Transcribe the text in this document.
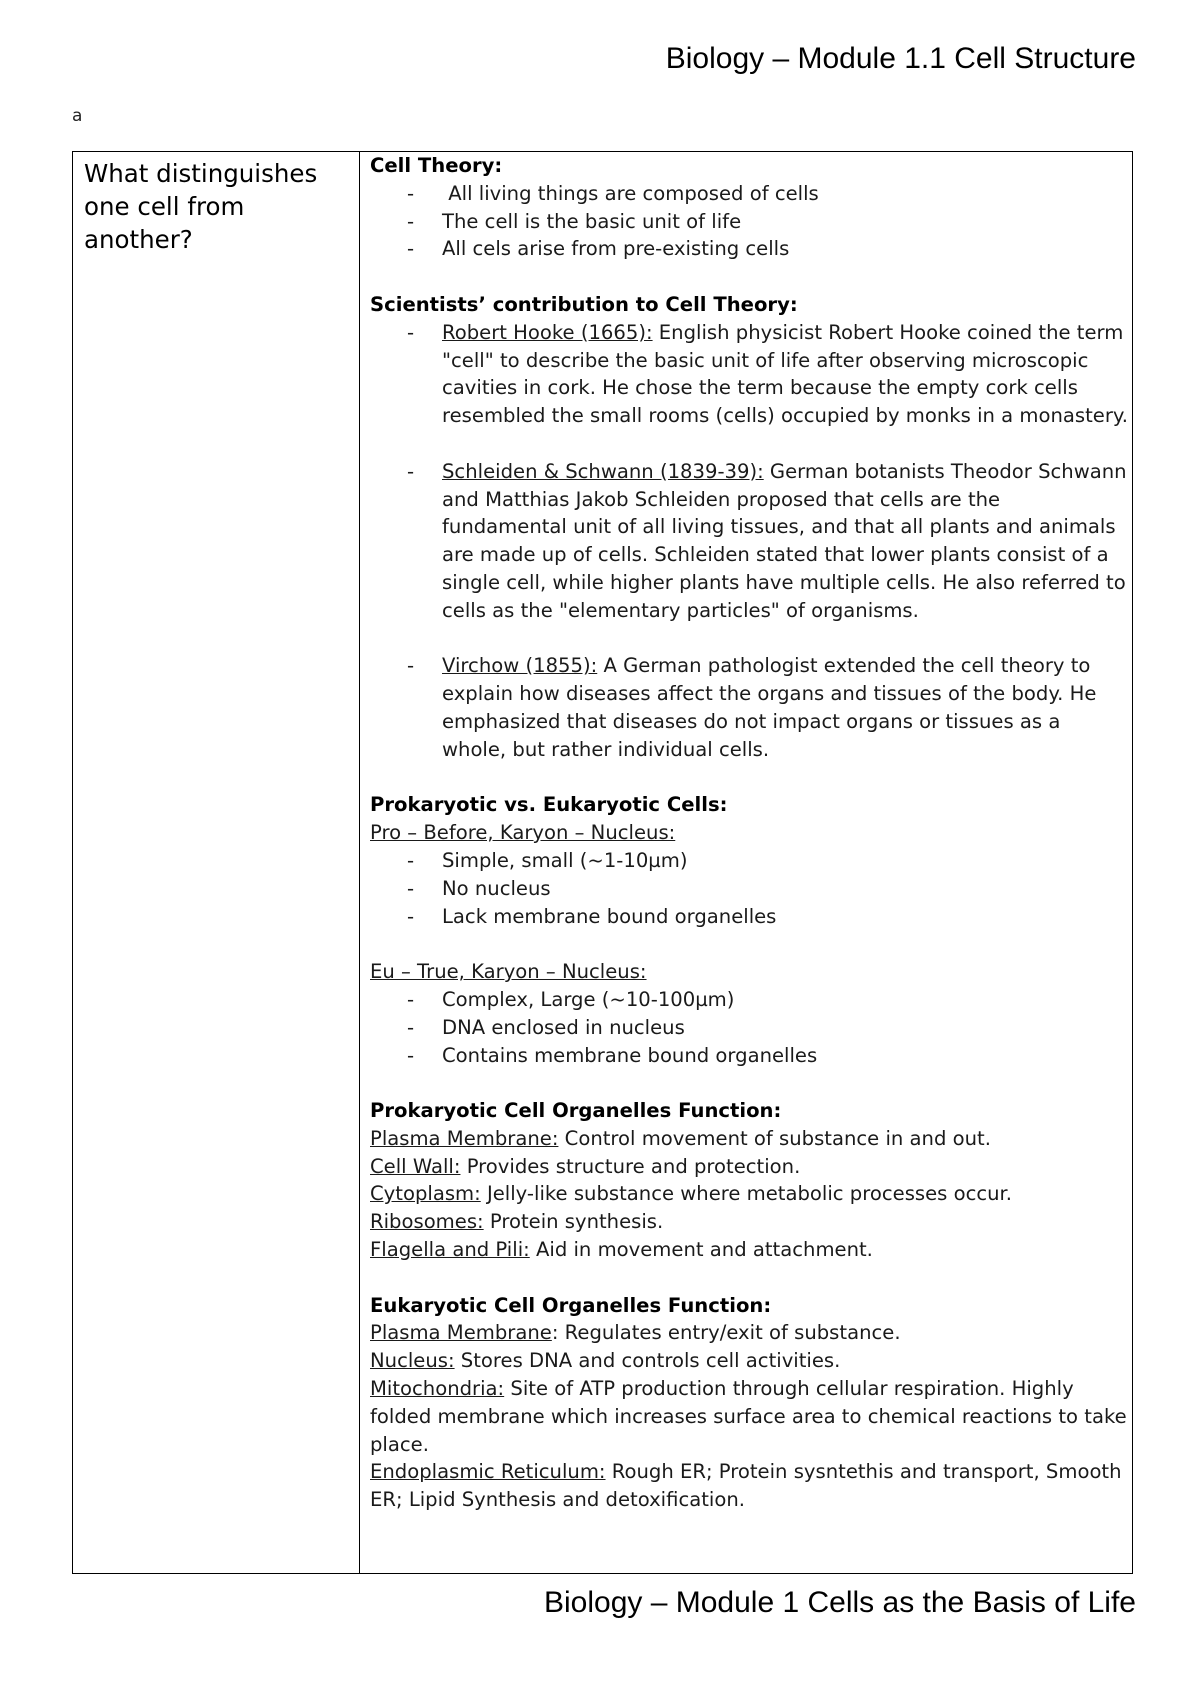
Biology – Module 1.1 Cell Structure
a
What distinguishes one cell from another?
Cell Theory:
-  All living things are composed of cells
- The cell is the basic unit of life
- All cels arise from pre-existing cells
Scientists’ contribution to Cell Theory:
- Robert Hooke (1665): English physicist Robert Hooke coined the term "cell" to describe the basic unit of life after observing microscopic cavities in cork. He chose the term because the empty cork cells resembled the small rooms (cells) occupied by monks in a monastery.
- Schleiden & Schwann (1839-39): German botanists Theodor Schwann and Matthias Jakob Schleiden proposed that cells are the fundamental unit of all living tissues, and that all plants and animals are made up of cells. Schleiden stated that lower plants consist of a single cell, while higher plants have multiple cells. He also referred to cells as the "elementary particles" of organisms.
- Virchow (1855): A German pathologist extended the cell theory to explain how diseases affect the organs and tissues of the body. He emphasized that diseases do not impact organs or tissues as a whole, but rather individual cells.
Prokaryotic vs. Eukaryotic Cells:
Pro – Before, Karyon – Nucleus:
- Simple, small (~1-10µm)
- No nucleus
- Lack membrane bound organelles
Eu – True, Karyon – Nucleus:
- Complex, Large (~10-100µm)
- DNA enclosed in nucleus
- Contains membrane bound organelles
Prokaryotic Cell Organelles Function:
Plasma Membrane: Control movement of substance in and out.
Cell Wall: Provides structure and protection.
Cytoplasm: Jelly-like substance where metabolic processes occur.
Ribosomes: Protein synthesis.
Flagella and Pili: Aid in movement and attachment.
Eukaryotic Cell Organelles Function:
Plasma Membrane: Regulates entry/exit of substance.
Nucleus: Stores DNA and controls cell activities.
Mitochondria: Site of ATP production through cellular respiration. Highly folded membrane which increases surface area to chemical reactions to take place.
Endoplasmic Reticulum: Rough ER; Protein sysntethis and transport, Smooth ER; Lipid Synthesis and detoxification.
Biology – Module 1 Cells as the Basis of Life
